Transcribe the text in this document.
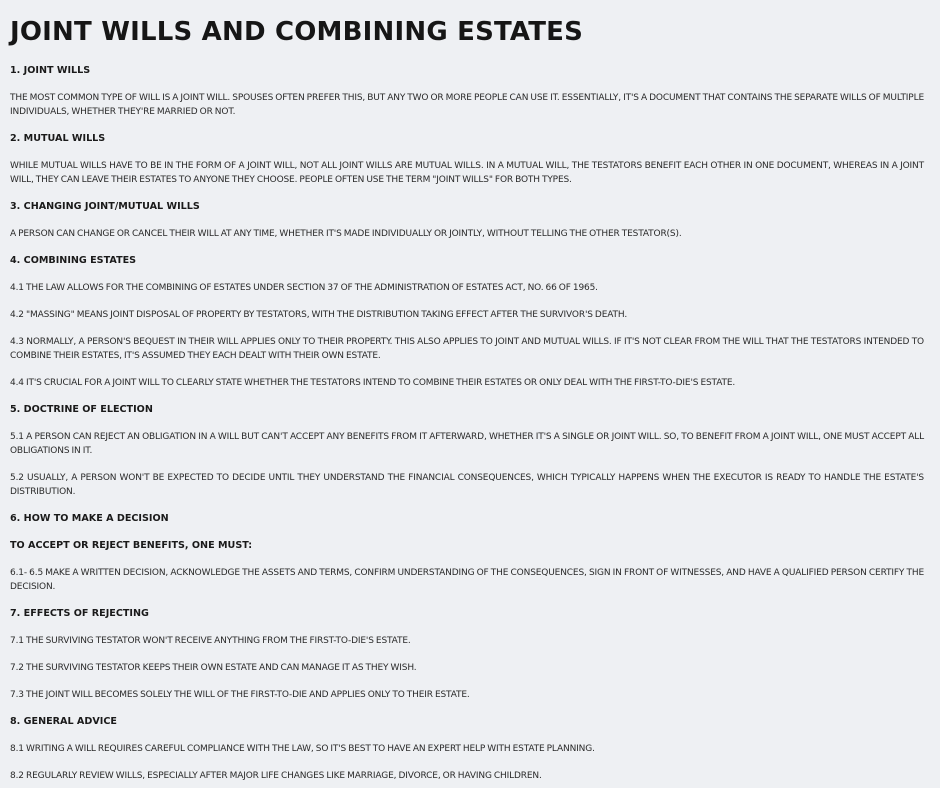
JOINT WILLS AND COMBINING ESTATES
1. JOINT WILLS

THE MOST COMMON TYPE OF WILL IS A JOINT WILL. SPOUSES OFTEN PREFER THIS, BUT ANY TWO OR MORE PEOPLE CAN USE IT. ESSENTIALLY, IT'S A DOCUMENT THAT CONTAINS THE SEPARATE WILLS OF MULTIPLE INDIVIDUALS, WHETHER THEY'RE MARRIED OR NOT.

2. MUTUAL WILLS

WHILE MUTUAL WILLS HAVE TO BE IN THE FORM OF A JOINT WILL, NOT ALL JOINT WILLS ARE MUTUAL WILLS. IN A MUTUAL WILL, THE TESTATORS BENEFIT EACH OTHER IN ONE DOCUMENT, WHEREAS IN A JOINT WILL, THEY CAN LEAVE THEIR ESTATES TO ANYONE THEY CHOOSE. PEOPLE OFTEN USE THE TERM "JOINT WILLS" FOR BOTH TYPES.

3. CHANGING JOINT/MUTUAL WILLS

A PERSON CAN CHANGE OR CANCEL THEIR WILL AT ANY TIME, WHETHER IT'S MADE INDIVIDUALLY OR JOINTLY, WITHOUT TELLING THE OTHER TESTATOR(S).

4. COMBINING ESTATES

4.1 THE LAW ALLOWS FOR THE COMBINING OF ESTATES UNDER SECTION 37 OF THE ADMINISTRATION OF ESTATES ACT, NO. 66 OF 1965.

4.2 "MASSING" MEANS JOINT DISPOSAL OF PROPERTY BY TESTATORS, WITH THE DISTRIBUTION TAKING EFFECT AFTER THE SURVIVOR'S DEATH.

4.3 NORMALLY, A PERSON'S BEQUEST IN THEIR WILL APPLIES ONLY TO THEIR PROPERTY. THIS ALSO APPLIES TO JOINT AND MUTUAL WILLS. IF IT'S NOT CLEAR FROM THE WILL THAT THE TESTATORS INTENDED TO COMBINE THEIR ESTATES, IT'S ASSUMED THEY EACH DEALT WITH THEIR OWN ESTATE.

4.4 IT'S CRUCIAL FOR A JOINT WILL TO CLEARLY STATE WHETHER THE TESTATORS INTEND TO COMBINE THEIR ESTATES OR ONLY DEAL WITH THE FIRST-TO-DIE'S ESTATE.

5. DOCTRINE OF ELECTION

5.1 A PERSON CAN REJECT AN OBLIGATION IN A WILL BUT CAN'T ACCEPT ANY BENEFITS FROM IT AFTERWARD, WHETHER IT'S A SINGLE OR JOINT WILL. SO, TO BENEFIT FROM A JOINT WILL, ONE MUST ACCEPT ALL OBLIGATIONS IN IT.

5.2 USUALLY, A PERSON WON'T BE EXPECTED TO DECIDE UNTIL THEY UNDERSTAND THE FINANCIAL CONSEQUENCES, WHICH TYPICALLY HAPPENS WHEN THE EXECUTOR IS READY TO HANDLE THE ESTATE'S DISTRIBUTION.

6. HOW TO MAKE A DECISION
TO ACCEPT OR REJECT BENEFITS, ONE MUST:

6.1- 6.5 MAKE A WRITTEN DECISION, ACKNOWLEDGE THE ASSETS AND TERMS, CONFIRM UNDERSTANDING OF THE CONSEQUENCES, SIGN IN FRONT OF WITNESSES, AND HAVE A QUALIFIED PERSON CERTIFY THE DECISION.

7. EFFECTS OF REJECTING

7.1 THE SURVIVING TESTATOR WON'T RECEIVE ANYTHING FROM THE FIRST-TO-DIE'S ESTATE.

7.2 THE SURVIVING TESTATOR KEEPS THEIR OWN ESTATE AND CAN MANAGE IT AS THEY WISH.

7.3 THE JOINT WILL BECOMES SOLELY THE WILL OF THE FIRST-TO-DIE AND APPLIES ONLY TO THEIR ESTATE.

8. GENERAL ADVICE

8.1 WRITING A WILL REQUIRES CAREFUL COMPLIANCE WITH THE LAW, SO IT'S BEST TO HAVE AN EXPERT HELP WITH ESTATE PLANNING.

8.2 REGULARLY REVIEW WILLS, ESPECIALLY AFTER MAJOR LIFE CHANGES LIKE MARRIAGE, DIVORCE, OR HAVING CHILDREN.
